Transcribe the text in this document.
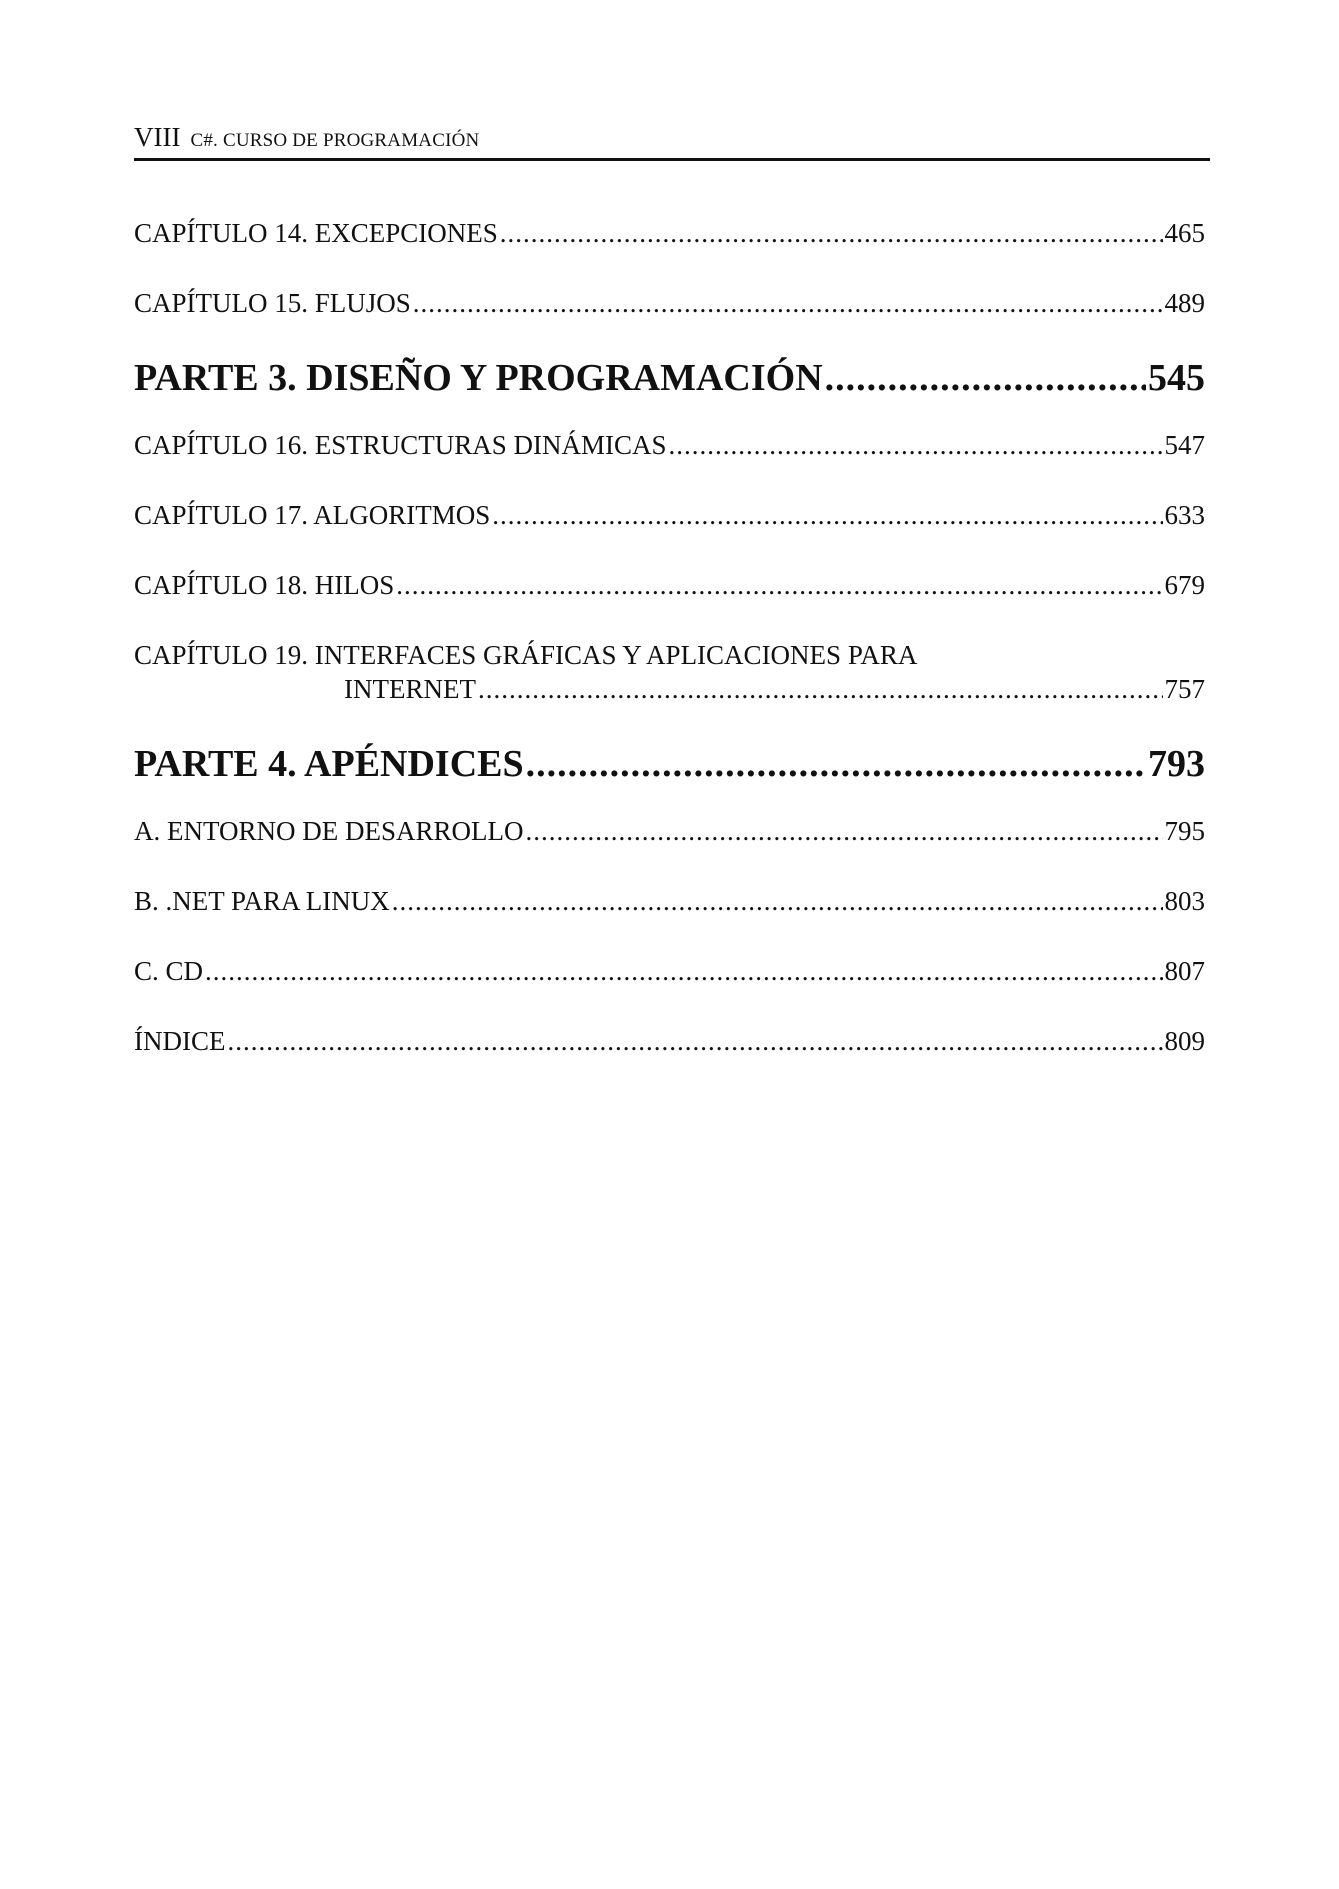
VIII C#. CURSO DE PROGRAMACIÓN
CAPÍTULO 14. EXCEPCIONES .....	465
CAPÍTULO 15. FLUJOS .....	489
PARTE 3. DISEÑO Y PROGRAMACIÓN .....	545
CAPÍTULO 16. ESTRUCTURAS DINÁMICAS .....	547
CAPÍTULO 17. ALGORITMOS .....	633
CAPÍTULO 18. HILOS .....	679
CAPÍTULO 19. INTERFACES GRÁFICAS Y APLICACIONES PARA
INTERNET .....	757
PARTE 4. APÉNDICES .....	793
A. ENTORNO DE DESARROLLO .....	795
B. .NET PARA LINUX .....	803
C. CD .....	807
ÍNDICE .....	809
